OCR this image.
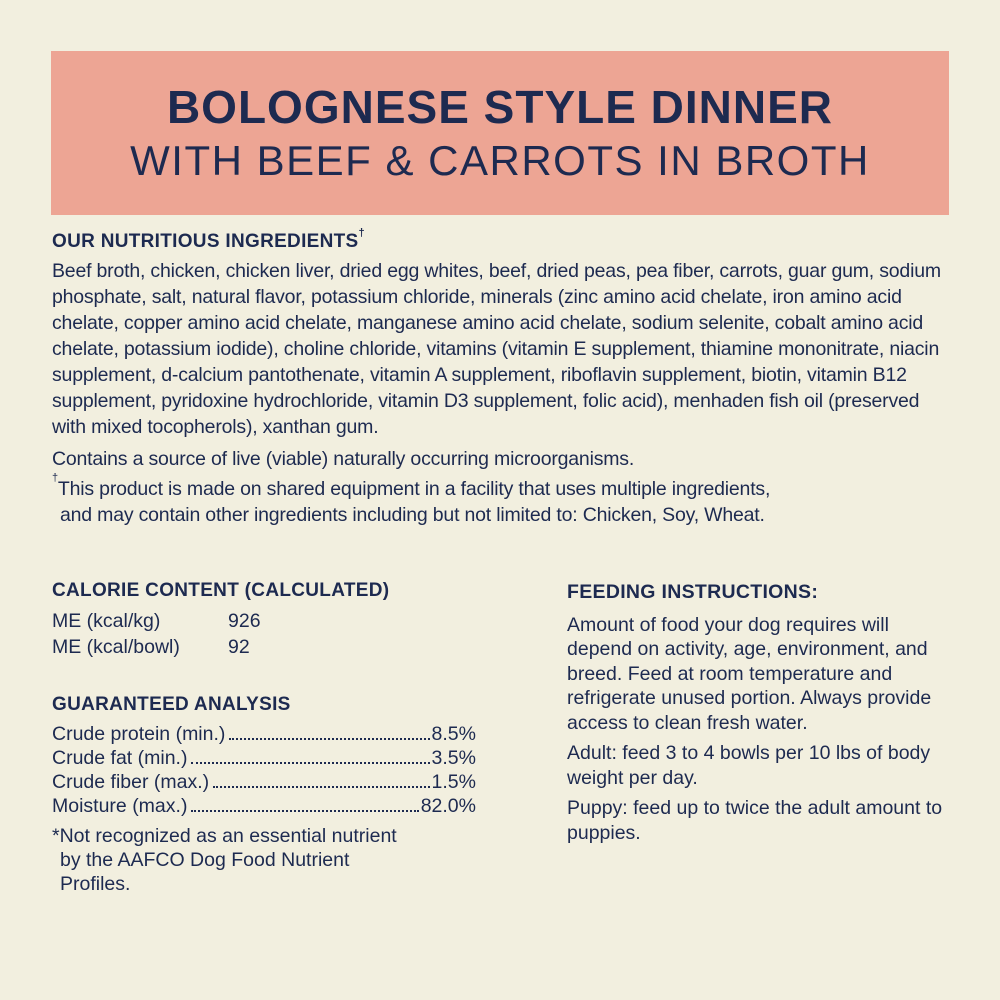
BOLOGNESE STYLE DINNER
WITH BEEF & CARROTS IN BROTH

OUR NUTRITIOUS INGREDIENTS†

Beef broth, chicken, chicken liver, dried egg whites, beef, dried peas, pea fiber, carrots, guar gum, sodium phosphate, salt, natural flavor, potassium chloride, minerals (zinc amino acid chelate, iron amino acid chelate, copper amino acid chelate, manganese amino acid chelate, sodium selenite, cobalt amino acid chelate, potassium iodide), choline chloride, vitamins (vitamin E supplement, thiamine mononitrate, niacin supplement, d-calcium pantothenate, vitamin A supplement, riboflavin supplement, biotin, vitamin B12 supplement, pyridoxine hydrochloride, vitamin D3 supplement, folic acid), menhaden fish oil (preserved with mixed tocopherols), xanthan gum.

Contains a source of live (viable) naturally occurring microorganisms.

†This product is made on shared equipment in a facility that uses multiple ingredients,
and may contain other ingredients including but not limited to: Chicken, Soy, Wheat.

CALORIE CONTENT (CALCULATED)

ME (kcal/kg)	926
ME (kcal/bowl)	92

GUARANTEED ANALYSIS

Crude protein (min.)	8.5%
Crude fat (min.)	3.5%
Crude fiber (max.)	1.5%
Moisture (max.)	82.0%
*Not recognized as an essential nutrient
by the AAFCO Dog Food Nutrient
Profiles.

FEEDING INSTRUCTIONS:

Amount of food your dog requires will depend on activity, age, environment, and breed. Feed at room temperature and refrigerate unused portion. Always provide access to clean fresh water.

Adult: feed 3 to 4 bowls per 10 lbs of body weight per day.

Puppy: feed up to twice the adult amount to puppies.
